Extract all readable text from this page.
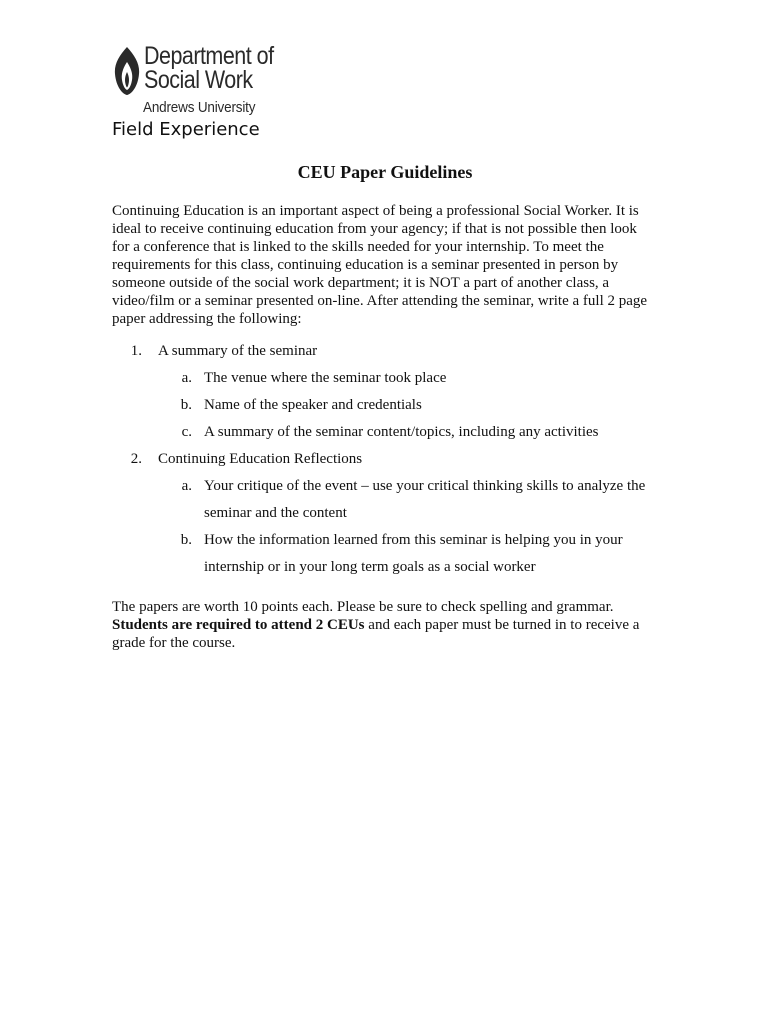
Department of
Social Work
Andrews University
Field Experience
CEU Paper Guidelines
Continuing Education is an important aspect of being a professional Social Worker. It is ideal to receive continuing education from your agency; if that is not possible then look for a conference that is linked to the skills needed for your internship. To meet the requirements for this class, continuing education is a seminar presented in person by someone outside of the social work department; it is NOT a part of another class, a video/film or a seminar presented on-line. After attending the seminar, write a full 2 page paper addressing the following:
1. A summary of the seminar
a. The venue where the seminar took place
b. Name of the speaker and credentials
c. A summary of the seminar content/topics, including any activities
2. Continuing Education Reflections
a. Your critique of the event – use your critical thinking skills to analyze the
seminar and the content
b. How the information learned from this seminar is helping you in your
internship or in your long term goals as a social worker
The papers are worth 10 points each. Please be sure to check spelling and grammar. Students are required to attend 2 CEUs and each paper must be turned in to receive a grade for the course.
